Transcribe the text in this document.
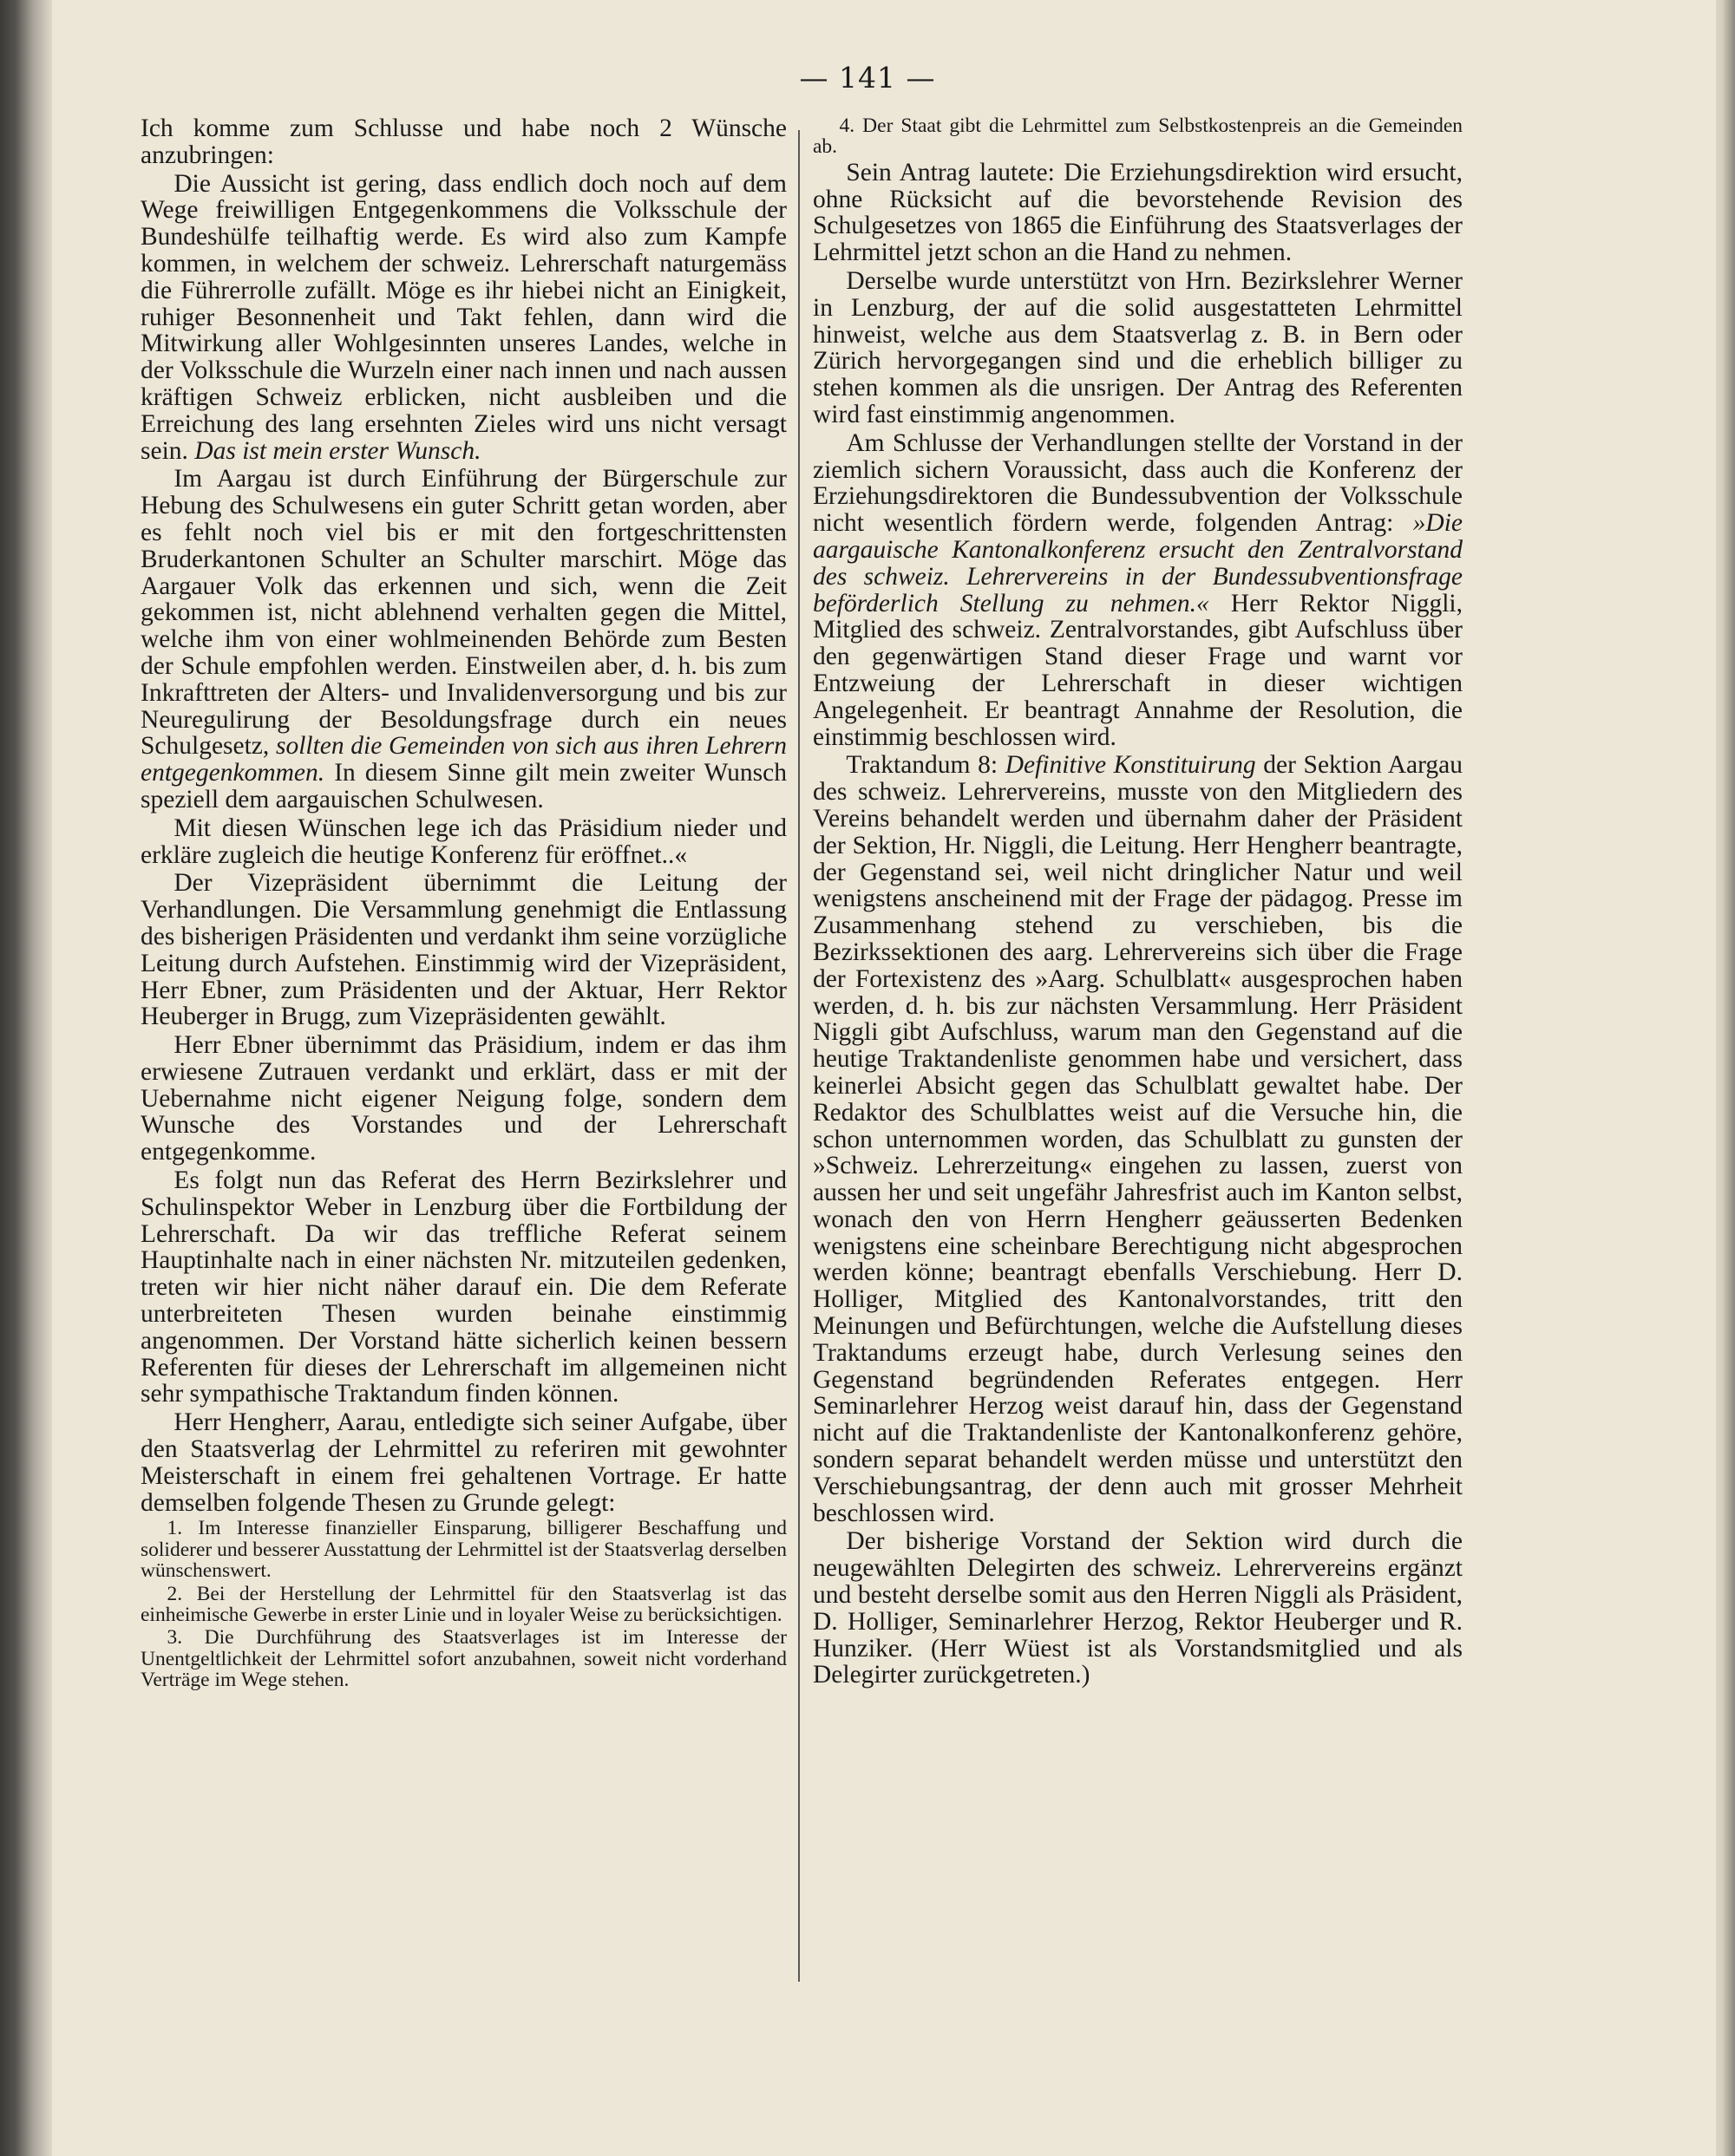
— 141 —

Ich komme zum Schlusse und habe noch 2 Wünsche anzubringen:

Die Aussicht ist gering, dass endlich doch noch auf dem Wege freiwilligen Entgegenkommens die Volksschule der Bundeshülfe teilhaftig werde. Es wird also zum Kampfe kommen, in welchem der schweiz. Lehrerschaft naturgemäss die Führerrolle zufällt. Möge es ihr hiebei nicht an Einigkeit, ruhiger Besonnenheit und Takt fehlen, dann wird die Mitwirkung aller Wohlgesinnten unseres Landes, welche in der Volksschule die Wurzeln einer nach innen und nach aussen kräftigen Schweiz erblicken, nicht ausbleiben und die Erreichung des lang ersehnten Zieles wird uns nicht versagt sein. Das ist mein erster Wunsch.

Im Aargau ist durch Einführung der Bürgerschule zur Hebung des Schulwesens ein guter Schritt getan worden, aber es fehlt noch viel bis er mit den fortgeschrittensten Bruderkantonen Schulter an Schulter marschirt. Möge das Aargauer Volk das erkennen und sich, wenn die Zeit gekommen ist, nicht ablehnend verhalten gegen die Mittel, welche ihm von einer wohlmeinenden Behörde zum Besten der Schule empfohlen werden. Einstweilen aber, d. h. bis zum Inkrafttreten der Alters- und Invalidenversorgung und bis zur Neuregulirung der Besoldungsfrage durch ein neues Schulgesetz, sollten die Gemeinden von sich aus ihren Lehrern entgegenkommen. In diesem Sinne gilt mein zweiter Wunsch speziell dem aargauischen Schulwesen.

Mit diesen Wünschen lege ich das Präsidium nieder und erkläre zugleich die heutige Konferenz für eröffnet..«

Der Vizepräsident übernimmt die Leitung der Verhandlungen. Die Versammlung genehmigt die Entlassung des bisherigen Präsidenten und verdankt ihm seine vorzügliche Leitung durch Aufstehen. Einstimmig wird der Vizepräsident, Herr Ebner, zum Präsidenten und der Aktuar, Herr Rektor Heuberger in Brugg, zum Vizepräsidenten gewählt.

Herr Ebner übernimmt das Präsidium, indem er das ihm erwiesene Zutrauen verdankt und erklärt, dass er mit der Uebernahme nicht eigener Neigung folge, sondern dem Wunsche des Vorstandes und der Lehrerschaft entgegenkomme.

Es folgt nun das Referat des Herrn Bezirkslehrer und Schulinspektor Weber in Lenzburg über die Fortbildung der Lehrerschaft. Da wir das treffliche Referat seinem Hauptinhalte nach in einer nächsten Nr. mitzuteilen gedenken, treten wir hier nicht näher darauf ein. Die dem Referate unterbreiteten Thesen wurden beinahe einstimmig angenommen. Der Vorstand hätte sicherlich keinen bessern Referenten für dieses der Lehrerschaft im allgemeinen nicht sehr sympathische Traktandum finden können.

Herr Hengherr, Aarau, entledigte sich seiner Aufgabe, über den Staatsverlag der Lehrmittel zu referiren mit gewohnter Meisterschaft in einem frei gehaltenen Vortrage. Er hatte demselben folgende Thesen zu Grunde gelegt:

1. Im Interesse finanzieller Einsparung, billigerer Beschaffung und soliderer und besserer Ausstattung der Lehrmittel ist der Staatsverlag derselben wünschenswert.

2. Bei der Herstellung der Lehrmittel für den Staatsverlag ist das einheimische Gewerbe in erster Linie und in loyaler Weise zu berücksichtigen.

3. Die Durchführung des Staatsverlages ist im Interesse der Unentgeltlichkeit der Lehrmittel sofort anzubahnen, soweit nicht vorderhand Verträge im Wege stehen.

4. Der Staat gibt die Lehrmittel zum Selbstkostenpreis an die Gemeinden ab.

Sein Antrag lautete: Die Erziehungsdirektion wird ersucht, ohne Rücksicht auf die bevorstehende Revision des Schulgesetzes von 1865 die Einführung des Staatsverlages der Lehrmittel jetzt schon an die Hand zu nehmen.

Derselbe wurde unterstützt von Hrn. Bezirkslehrer Werner in Lenzburg, der auf die solid ausgestatteten Lehrmittel hinweist, welche aus dem Staatsverlag z. B. in Bern oder Zürich hervorgegangen sind und die erheblich billiger zu stehen kommen als die unsrigen. Der Antrag des Referenten wird fast einstimmig angenommen.

Am Schlusse der Verhandlungen stellte der Vorstand in der ziemlich sichern Voraussicht, dass auch die Konferenz der Erziehungsdirektoren die Bundessubvention der Volksschule nicht wesentlich fördern werde, folgenden Antrag: »Die aargauische Kantonalkonferenz ersucht den Zentralvorstand des schweiz. Lehrervereins in der Bundessubventionsfrage beförderlich Stellung zu nehmen.« Herr Rektor Niggli, Mitglied des schweiz. Zentralvorstandes, gibt Aufschluss über den gegenwärtigen Stand dieser Frage und warnt vor Entzweiung der Lehrerschaft in dieser wichtigen Angelegenheit. Er beantragt Annahme der Resolution, die einstimmig beschlossen wird.

Traktandum 8: Definitive Konstituirung der Sektion Aargau des schweiz. Lehrervereins, musste von den Mitgliedern des Vereins behandelt werden und übernahm daher der Präsident der Sektion, Hr. Niggli, die Leitung. Herr Hengherr beantragte, der Gegenstand sei, weil nicht dringlicher Natur und weil wenigstens anscheinend mit der Frage der pädagog. Presse im Zusammenhang stehend zu verschieben, bis die Bezirkssektionen des aarg. Lehrervereins sich über die Frage der Fortexistenz des »Aarg. Schulblatt« ausgesprochen haben werden, d. h. bis zur nächsten Versammlung. Herr Präsident Niggli gibt Aufschluss, warum man den Gegenstand auf die heutige Traktandenliste genommen habe und versichert, dass keinerlei Absicht gegen das Schulblatt gewaltet habe. Der Redaktor des Schulblattes weist auf die Versuche hin, die schon unternommen worden, das Schulblatt zu gunsten der »Schweiz. Lehrerzeitung« eingehen zu lassen, zuerst von aussen her und seit ungefähr Jahresfrist auch im Kanton selbst, wonach den von Herrn Hengherr geäusserten Bedenken wenigstens eine scheinbare Berechtigung nicht abgesprochen werden könne; beantragt ebenfalls Verschiebung. Herr D. Holliger, Mitglied des Kantonalvorstandes, tritt den Meinungen und Befürchtungen, welche die Aufstellung dieses Traktandums erzeugt habe, durch Verlesung seines den Gegenstand begründenden Referates entgegen. Herr Seminarlehrer Herzog weist darauf hin, dass der Gegenstand nicht auf die Traktandenliste der Kantonalkonferenz gehöre, sondern separat behandelt werden müsse und unterstützt den Verschiebungsantrag, der denn auch mit grosser Mehrheit beschlossen wird.

Der bisherige Vorstand der Sektion wird durch die neugewählten Delegirten des schweiz. Lehrervereins ergänzt und besteht derselbe somit aus den Herren Niggli als Präsident, D. Holliger, Seminarlehrer Herzog, Rektor Heuberger und R. Hunziker. (Herr Wüest ist als Vorstandsmitglied und als Delegirter zurückgetreten.)
